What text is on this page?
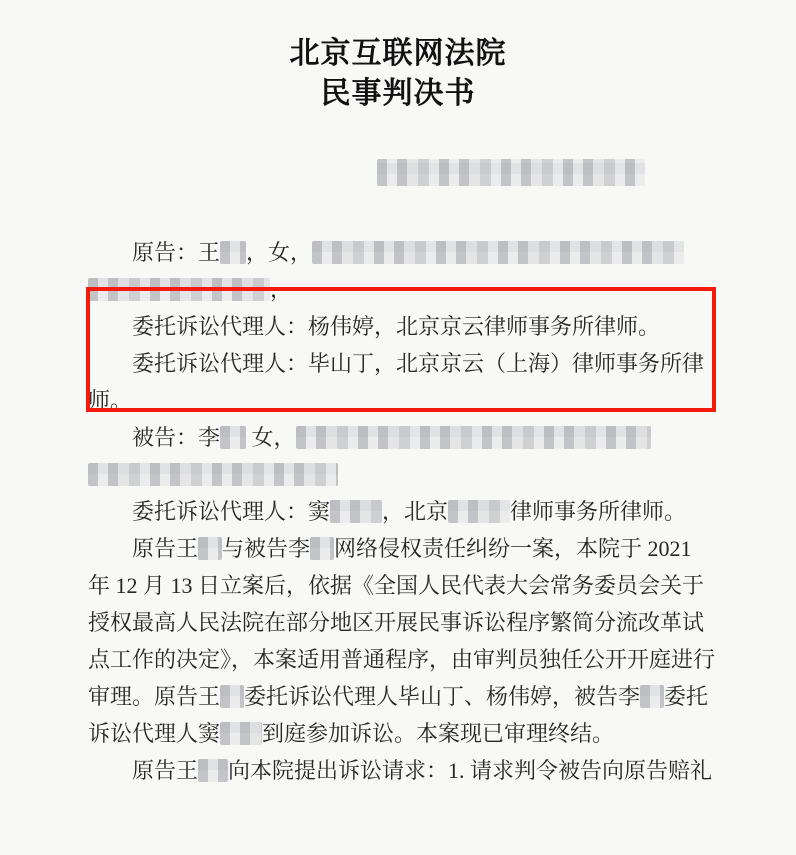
北京互联网法院
民事判决书
原告：王 ，女，
，
委托诉讼代理人：杨伟婷，北京京云律师事务所律师。
委托诉讼代理人：毕山丁，北京京云（上海）律师事务所律
师。
被告：李 女，
委托诉讼代理人：窦 ，北京	律师事务所律师。
原告王 与被告李 网络侵权责任纠纷一案，本院于 2021
年 12 月 13 日立案后，依据《全国人民代表大会常务委员会关于
授权最高人民法院在部分地区开展民事诉讼程序繁简分流改革试
点工作的决定》，本案适用普通程序，由审判员独任公开开庭进行
审理。原告王 委托诉讼代理人毕山丁、杨伟婷，被告李 委托
诉讼代理人窦 到庭参加诉讼。本案现已审理终结。
原告王 向本院提出诉讼请求：1. 请求判令被告向原告赔礼
